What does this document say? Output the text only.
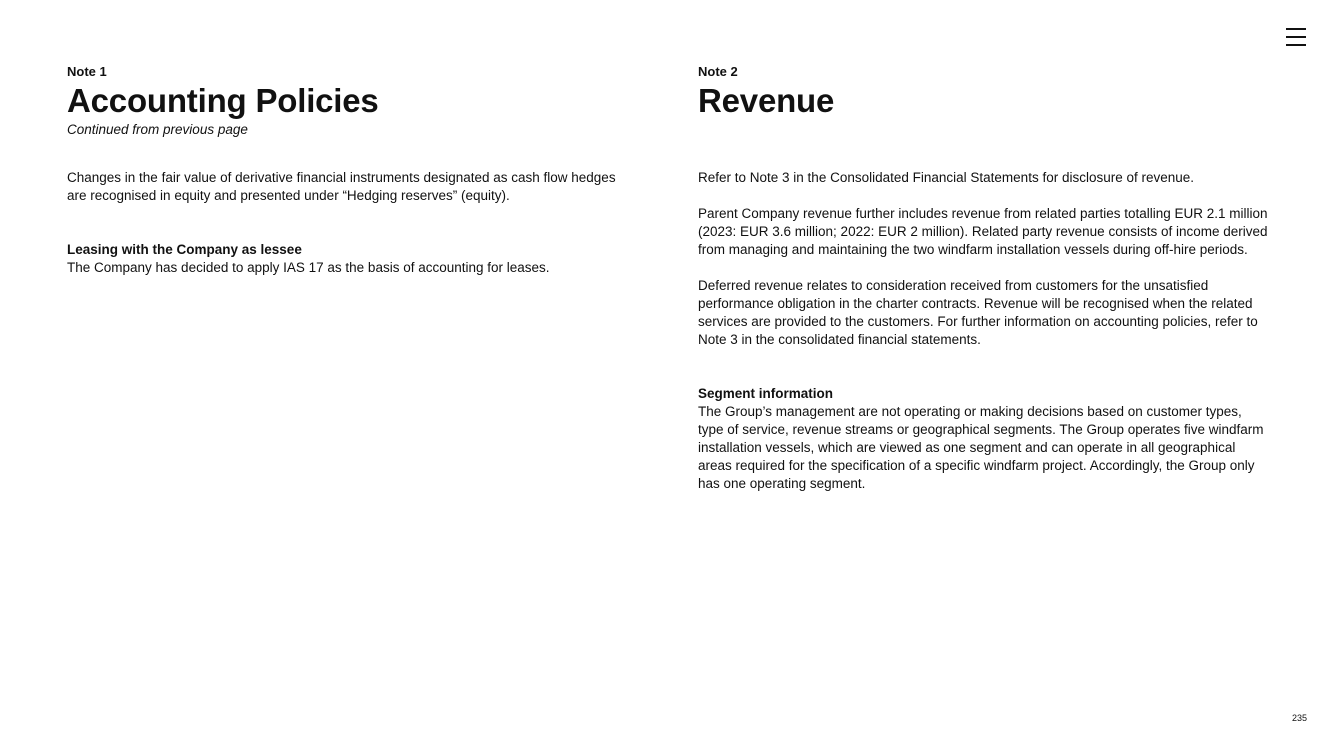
Note 1

Accounting Policies

Continued from previous page

Changes in the fair value of derivative financial instruments designated as cash flow hedges are recognised in equity and presented under “Hedging reserves” (equity).

Leasing with the Company as lessee

The Company has decided to apply IAS 17 as the basis of accounting for leases.

Note 2

Revenue

Refer to Note 3 in the Consolidated Financial Statements for disclosure of revenue.

Parent Company revenue further includes revenue from related parties totalling EUR 2.1 million (2023: EUR 3.6 million; 2022: EUR 2 million). Related party revenue consists of income derived from managing and maintaining the two windfarm installation vessels during off-hire periods.

Deferred revenue relates to consideration received from customers for the unsatisfied performance obligation in the charter contracts. Revenue will be recognised when the related services are provided to the customers. For further information on accounting policies, refer to Note 3 in the consolidated financial statements.

Segment information

The Group’s management are not operating or making decisions based on customer types, type of service, revenue streams or geographical segments. The Group operates five windfarm installation vessels, which are viewed as one segment and can operate in all geographical areas required for the specification of a specific windfarm project. Accordingly, the Group only has one operating segment.

235
